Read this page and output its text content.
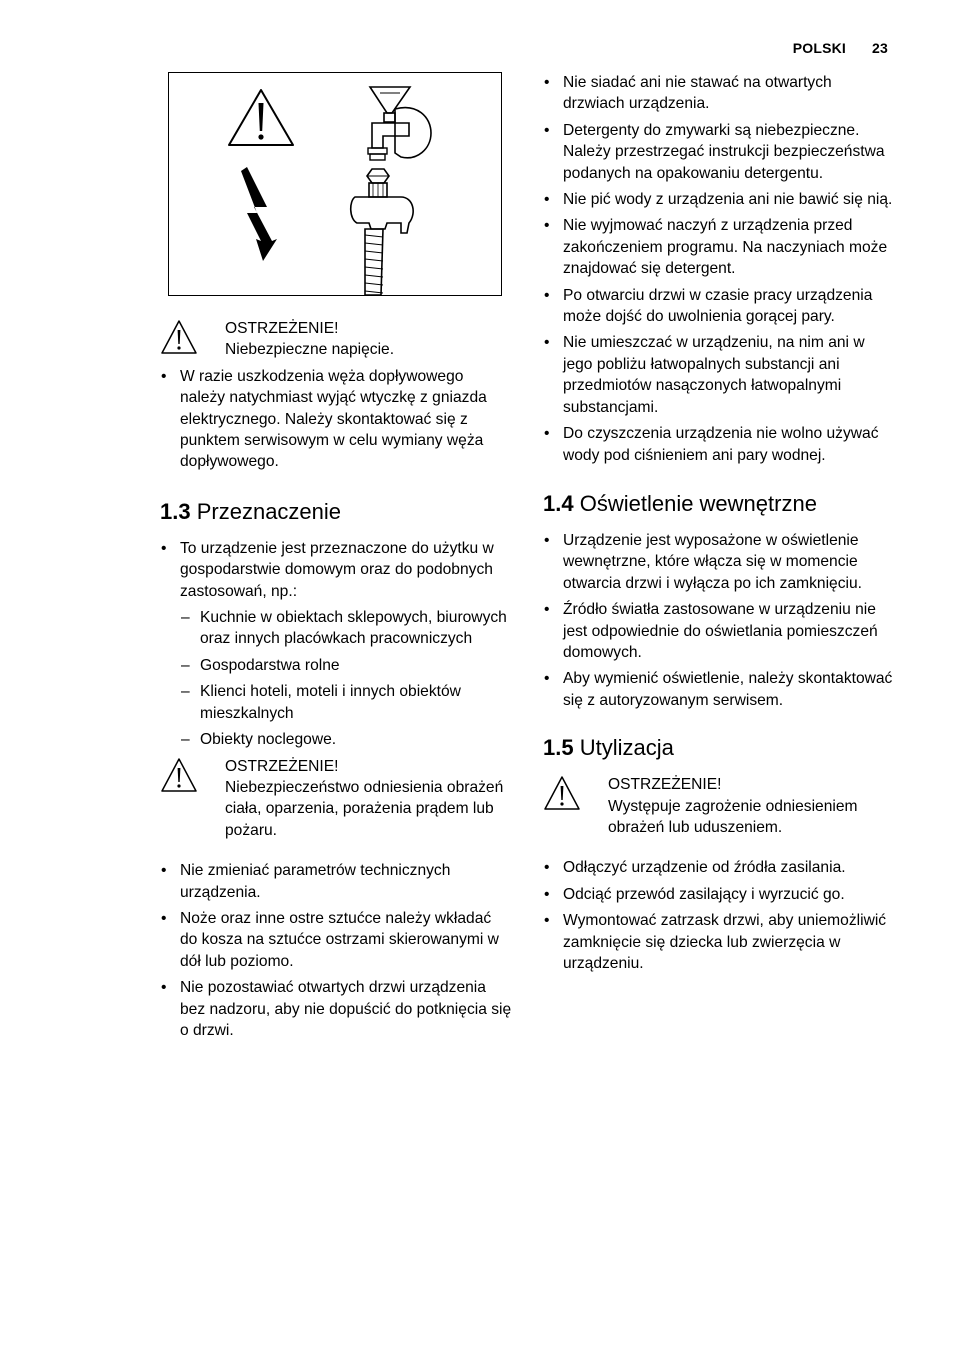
POLSKI 23
OSTRZEŻENIE!
Niebezpieczne napięcie.
• W razie uszkodzenia węża dopływowego należy natychmiast wyjąć wtyczkę z gniazda elektrycznego. Należy skontaktować się z punktem serwisowym w celu wymiany węża dopływowego.
1.3 Przeznaczenie
• To urządzenie jest przeznaczone do użytku w gospodarstwie domowym oraz do podobnych zastosowań, np.:
– Kuchnie w obiektach sklepowych, biurowych oraz innych placówkach pracowniczych
– Gospodarstwa rolne
– Klienci hoteli, moteli i innych obiektów mieszkalnych
– Obiekty noclegowe.
OSTRZEŻENIE!
Niebezpieczeństwo odniesienia obrażeń ciała, oparzenia, porażenia prądem lub pożaru.
• Nie zmieniać parametrów technicznych urządzenia.
• Noże oraz inne ostre sztućce należy wkładać do kosza na sztućce ostrzami skierowanymi w dół lub poziomo.
• Nie pozostawiać otwartych drzwi urządzenia bez nadzoru, aby nie dopuścić do potknięcia się o drzwi.
• Nie siadać ani nie stawać na otwartych drzwiach urządzenia.
• Detergenty do zmywarki są niebezpieczne. Należy przestrzegać instrukcji bezpieczeństwa podanych na opakowaniu detergentu.
• Nie pić wody z urządzenia ani nie bawić się nią.
• Nie wyjmować naczyń z urządzenia przed zakończeniem programu. Na naczyniach może znajdować się detergent.
• Po otwarciu drzwi w czasie pracy urządzenia może dojść do uwolnienia gorącej pary.
• Nie umieszczać w urządzeniu, na nim ani w jego pobliżu łatwopalnych substancji ani przedmiotów nasączonych łatwopalnymi substancjami.
• Do czyszczenia urządzenia nie wolno używać wody pod ciśnieniem ani pary wodnej.
1.4 Oświetlenie wewnętrzne
• Urządzenie jest wyposażone w oświetlenie wewnętrzne, które włącza się w momencie otwarcia drzwi i wyłącza po ich zamknięciu.
• Źródło światła zastosowane w urządzeniu nie jest odpowiednie do oświetlania pomieszczeń domowych.
• Aby wymienić oświetlenie, należy skontaktować się z autoryzowanym serwisem.
1.5 Utylizacja
OSTRZEŻENIE!
Występuje zagrożenie odniesieniem obrażeń lub uduszeniem.
• Odłączyć urządzenie od źródła zasilania.
• Odciąć przewód zasilający i wyrzucić go.
• Wymontować zatrzask drzwi, aby uniemożliwić zamknięcie się dziecka lub zwierzęcia w urządzeniu.
